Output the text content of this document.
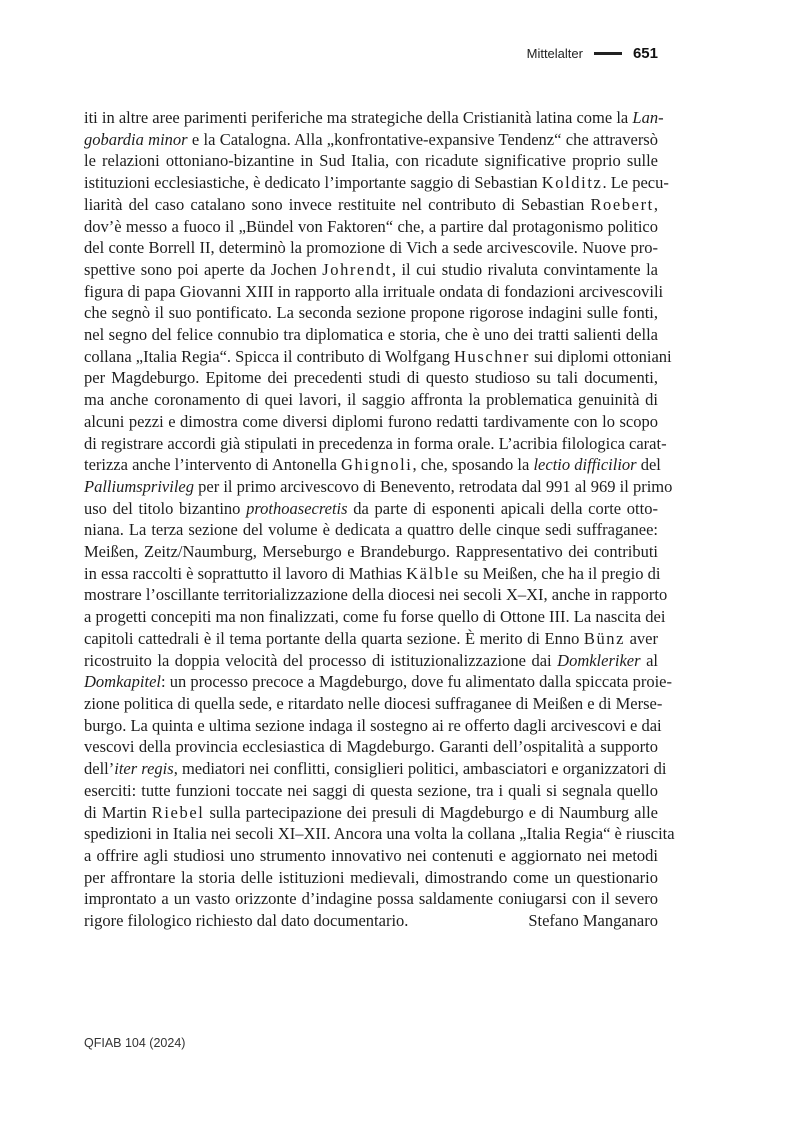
Mittelalter	651
iti in altre aree parimenti periferiche ma strategiche della Cristianità latina come la Lan-
gobardia minor e la Catalogna. Alla „konfrontative-expansive Tendenz“ che attraversò
le relazioni ottoniano-bizantine in Sud Italia, con ricadute significative proprio sulle
istituzioni ecclesiastiche, è dedicato l’importante saggio di Sebastian Kolditz. Le pecu-
liarità del caso catalano sono invece restituite nel contributo di Sebastian Roebert,
dov’è messo a fuoco il „Bündel von Faktoren“ che, a partire dal protagonismo politico
del conte Borrell II, determinò la promozione di Vich a sede arcivescovile. Nuove pro-
spettive sono poi aperte da Jochen Johrendt, il cui studio rivaluta convintamente la
figura di papa Giovanni XIII in rapporto alla irrituale ondata di fondazioni arcivescovili
che segnò il suo pontificato. La seconda sezione propone rigorose indagini sulle fonti,
nel segno del felice connubio tra diplomatica e storia, che è uno dei tratti salienti della
collana „Italia Regia“. Spicca il contributo di Wolfgang Huschner sui diplomi ottoniani
per Magdeburgo. Epitome dei precedenti studi di questo studioso su tali documenti,
ma anche coronamento di quei lavori, il saggio affronta la problematica genuinità di
alcuni pezzi e dimostra come diversi diplomi furono redatti tardivamente con lo scopo
di registrare accordi già stipulati in precedenza in forma orale. L’acribia filologica carat-
terizza anche l’intervento di Antonella Ghignoli, che, sposando la lectio difficilior del
Palliumsprivileg per il primo arcivescovo di Benevento, retrodata dal 991 al 969 il primo
uso del titolo bizantino prothoasecretis da parte di esponenti apicali della corte otto-
niana. La terza sezione del volume è dedicata a quattro delle cinque sedi suffraganee:
Meißen, Zeitz/Naumburg, Merseburgo e Brandeburgo. Rappresentativo dei contributi
in essa raccolti è soprattutto il lavoro di Mathias Kälble su Meißen, che ha il pregio di
mostrare l’oscillante territorializzazione della diocesi nei secoli X–XI, anche in rapporto
a progetti concepiti ma non finalizzati, come fu forse quello di Ottone III. La nascita dei
capitoli cattedrali è il tema portante della quarta sezione. È merito di Enno Bünz aver
ricostruito la doppia velocità del processo di istituzionalizzazione dai Domkleriker al
Domkapitel: un processo precoce a Magdeburgo, dove fu alimentato dalla spiccata proie-
zione politica di quella sede, e ritardato nelle diocesi suffraganee di Meißen e di Merse-
burgo. La quinta e ultima sezione indaga il sostegno ai re offerto dagli arcivescovi e dai
vescovi della provincia ecclesiastica di Magdeburgo. Garanti dell’ospitalità a supporto
dell’iter regis, mediatori nei conflitti, consiglieri politici, ambasciatori e organizzatori di
eserciti: tutte funzioni toccate nei saggi di questa sezione, tra i quali si segnala quello
di Martin Riebel sulla partecipazione dei presuli di Magdeburgo e di Naumburg alle
spedizioni in Italia nei secoli XI–XII. Ancora una volta la collana „Italia Regia“ è riuscita
a offrire agli studiosi uno strumento innovativo nei contenuti e aggiornato nei metodi
per affrontare la storia delle istituzioni medievali, dimostrando come un questionario
improntato a un vasto orizzonte d’indagine possa saldamente coniugarsi con il severo
rigore filologico richiesto dal dato documentario.	Stefano Manganaro
QFIAB 104 (2024)
